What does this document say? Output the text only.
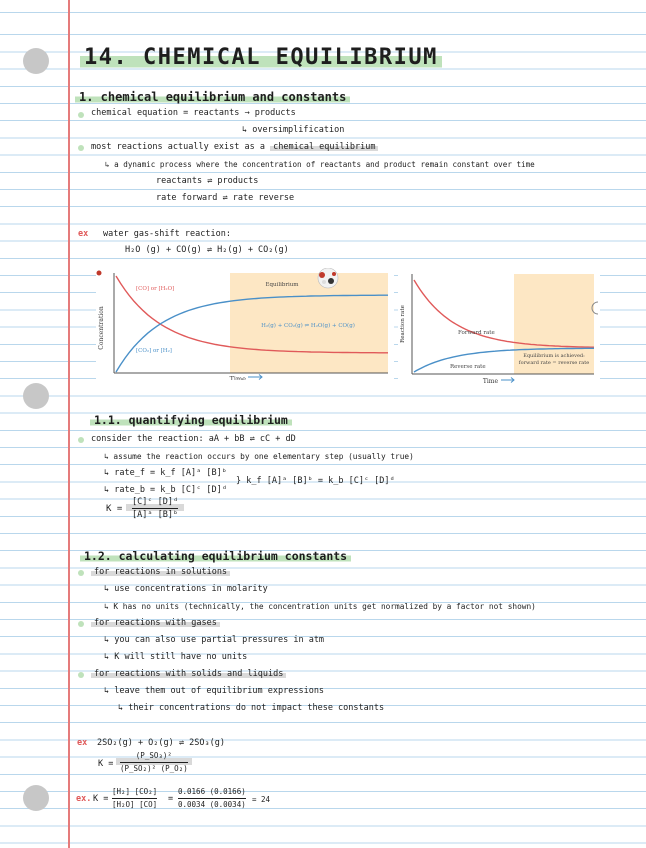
14. CHEMICAL EQUILIBRIUM
1. chemical equilibrium and constants
chemical equation = reactants → products
↳ oversimplification
most reactions actually exist as a chemical equilibrium
↳ a dynamic process where the concentration of reactants and product remain constant over time
reactants ⇌ products
rate forward ⇌ rate reverse
ex water gas-shift reaction:
H₂O (g) + CO(g) ⇌ H₂(g) + CO₂(g)
Concentration
Time
[CO] or [H₂O]
[CO₂] or [H₂]
Equilibrium
H₂(g) + CO₂(g) ⇌ H₂O(g) + CO(g)	Reaction rate
Time
Forward rate
Reverse rate
Equilibrium is achieved:
forward rate = reverse rate
1.1. quantifying equilibrium
consider the reaction: aA + bB ⇌ cC + dD
↳ assume the reaction occurs by one elementary step (usually true)
↳ rate_f = k_f [A]ᵃ [B]ᵇ
↳ rate_b = k_b [C]ᶜ [D]ᵈ
} k_f [A]ᵃ [B]ᵇ = k_b [C]ᶜ [D]ᵈ
K =
[C]ᶜ [D]ᵈ
[A]ᵃ [B]ᵇ
1.2. calculating equilibrium constants
for reactions in solutions
↳ use concentrations in molarity
↳ K has no units (technically, the concentration units get normalized by a factor not shown)
for reactions with gases
↳ you can also use partial pressures in atm
↳ K will still have no units
for reactions with solids and liquids
↳ leave them out of equilibrium expressions
↳ their concentrations do not impact these constants
ex 2SO₂(g) + O₂(g) ⇌ 2SO₃(g)
K =
(P_SO₃)²
(P_SO₂)² (P_O₂)
ex. K =
[H₂] [CO₂]
[H₂O] [CO]
=
0.0166 (0.0166)
0.0034 (0.0034)
= 24
